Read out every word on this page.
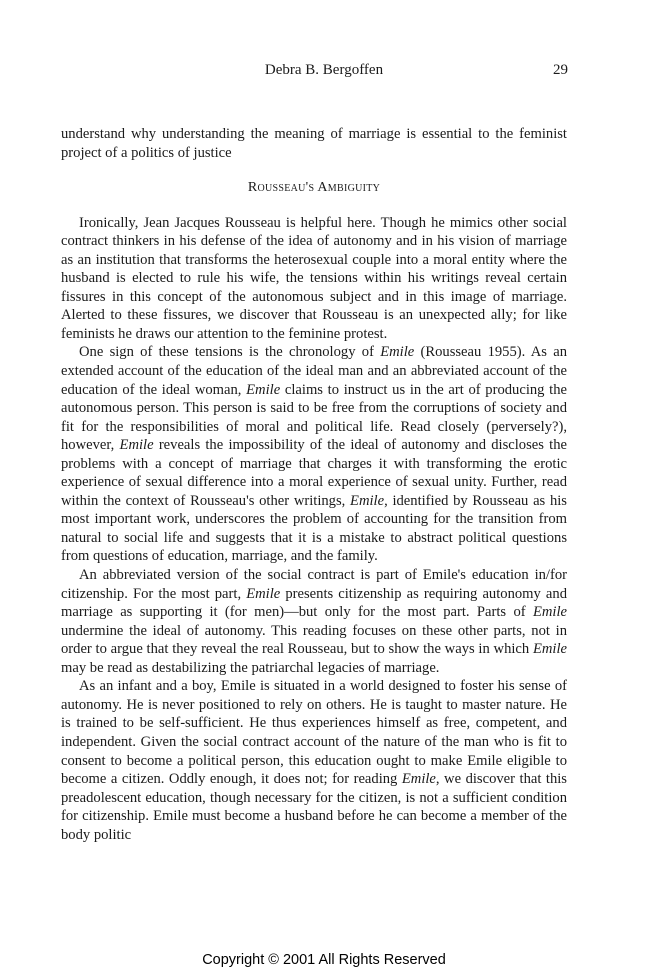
Debra B. Bergoffen	29

understand why understanding the meaning of marriage is essential to the feminist project of a politics of justice

Rousseau's Ambiguity

Ironically, Jean Jacques Rousseau is helpful here. Though he mimics other social contract thinkers in his defense of the idea of autonomy and in his vision of marriage as an institution that transforms the heterosexual couple into a moral entity where the husband is elected to rule his wife, the tensions within his writings reveal certain fissures in this concept of the autonomous subject and in this image of marriage. Alerted to these fissures, we discover that Rousseau is an unexpected ally; for like feminists he draws our attention to the feminine protest.

One sign of these tensions is the chronology of Emile (Rousseau 1955). As an extended account of the education of the ideal man and an abbreviated account of the education of the ideal woman, Emile claims to instruct us in the art of producing the autonomous person. This person is said to be free from the corruptions of society and fit for the responsibilities of moral and political life. Read closely (perversely?), however, Emile reveals the impossibility of the ideal of autonomy and discloses the problems with a concept of marriage that charges it with transforming the erotic experience of sexual difference into a moral experience of sexual unity. Further, read within the context of Rousseau's other writings, Emile, identified by Rousseau as his most important work, underscores the problem of accounting for the transition from natural to social life and suggests that it is a mistake to abstract political questions from questions of education, marriage, and the family.

An abbreviated version of the social contract is part of Emile's education in/for citizenship. For the most part, Emile presents citizenship as requiring autonomy and marriage as supporting it (for men)—but only for the most part. Parts of Emile undermine the ideal of autonomy. This reading focuses on these other parts, not in order to argue that they reveal the real Rousseau, but to show the ways in which Emile may be read as destabilizing the patriarchal legacies of marriage.

As an infant and a boy, Emile is situated in a world designed to foster his sense of autonomy. He is never positioned to rely on others. He is taught to master nature. He is trained to be self-sufficient. He thus experiences himself as free, competent, and independent. Given the social contract account of the nature of the man who is fit to consent to become a political person, this education ought to make Emile eligible to become a citizen. Oddly enough, it does not; for reading Emile, we discover that this preadolescent education, though necessary for the citizen, is not a sufficient condition for citizenship. Emile must become a husband before he can become a member of the body politic

Copyright © 2001 All Rights Reserved
